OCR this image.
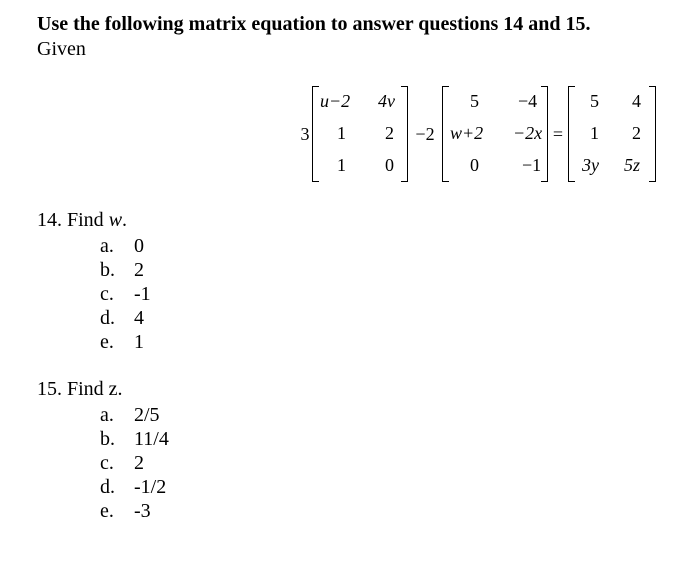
Use the following matrix equation to answer questions 14 and 15.
Given
3
u−2 4v
1 2
1 0
−2
5 −4
w+2 −2x
0 −1
=
5 4
1 2
3y 5z
14. Find w.
a. 0
b. 2
c. -1
d. 4
e. 1
15. Find z.
a. 2/5
b. 11/4
c. 2
d. -1/2
e. -3
